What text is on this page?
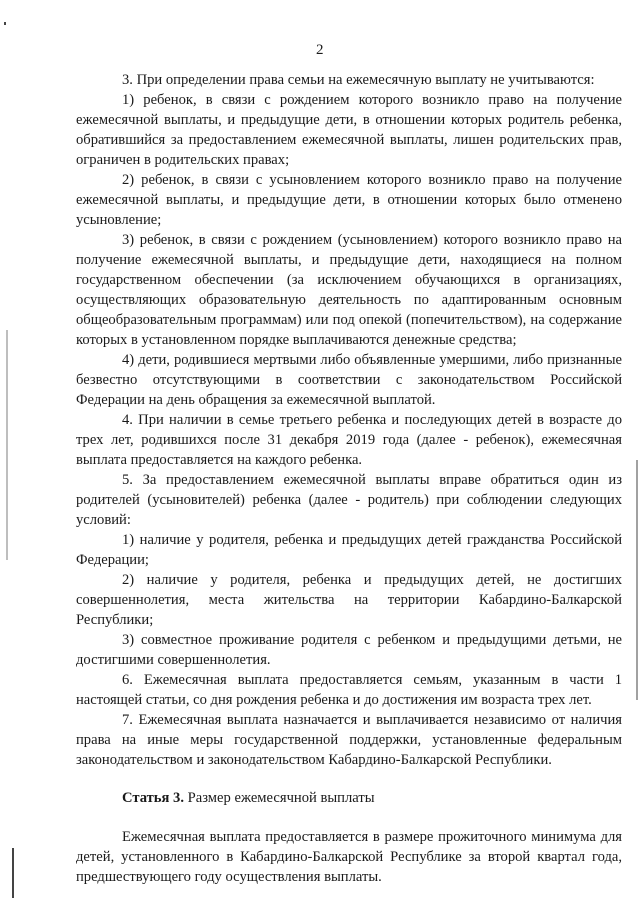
2

3. При определении права семьи на ежемесячную выплату не учитываются:

1) ребенок, в связи с рождением которого возникло право на получение ежемесячной выплаты, и предыдущие дети, в отношении которых родитель ребенка, обратившийся за предоставлением ежемесячной выплаты, лишен родительских прав, ограничен в родительских правах;

2) ребенок, в связи с усыновлением которого возникло право на получение ежемесячной выплаты, и предыдущие дети, в отношении которых было отменено усыновление;

3) ребенок, в связи с рождением (усыновлением) которого возникло право на получение ежемесячной выплаты, и предыдущие дети, находящиеся на полном государственном обеспечении (за исключением обучающихся в организациях, осуществляющих образовательную деятельность по адаптированным основным общеобразовательным программам) или под опекой (попечительством), на содержание которых в установленном порядке выплачиваются денежные средства;

4) дети, родившиеся мертвыми либо объявленные умершими, либо признанные безвестно отсутствующими в соответствии с законодательством Российской Федерации на день обращения за ежемесячной выплатой.

4. При наличии в семье третьего ребенка и последующих детей в возрасте до трех лет, родившихся после 31 декабря 2019 года (далее - ребенок), ежемесячная выплата предоставляется на каждого ребенка.

5. За предоставлением ежемесячной выплаты вправе обратиться один из родителей (усыновителей) ребенка (далее - родитель) при соблюдении следующих условий:

1) наличие у родителя, ребенка и предыдущих детей гражданства Российской Федерации;

2) наличие у родителя, ребенка и предыдущих детей, не достигших совершеннолетия, места жительства на территории Кабардино-Балкарской Республики;

3) совместное проживание родителя с ребенком и предыдущими детьми, не достигшими совершеннолетия.

6. Ежемесячная выплата предоставляется семьям, указанным в части 1 настоящей статьи, со дня рождения ребенка и до достижения им возраста трех лет.

7. Ежемесячная выплата назначается и выплачивается независимо от наличия права на иные меры государственной поддержки, установленные федеральным законодательством и законодательством Кабардино-Балкарской Республики.

Статья 3. Размер ежемесячной выплаты

Ежемесячная выплата предоставляется в размере прожиточного минимума для детей, установленного в Кабардино-Балкарской Республике за второй квартал года, предшествующего году осуществления выплаты.
